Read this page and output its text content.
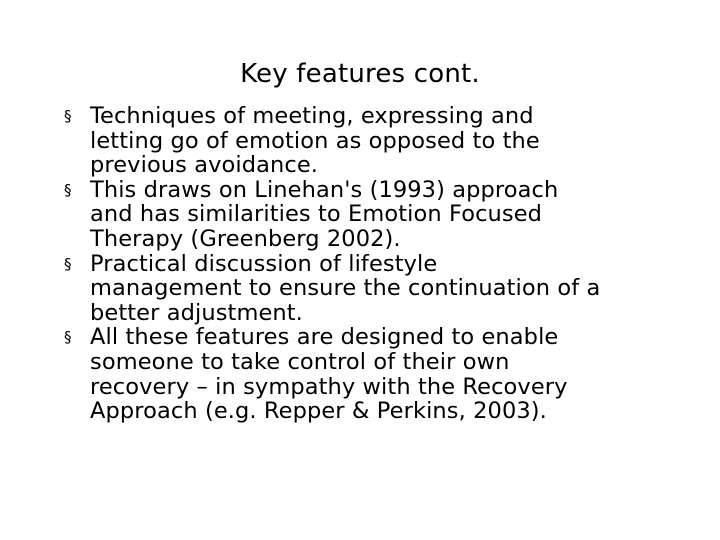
Key features cont.
§ Techniques of meeting, expressing and
letting go of emotion as opposed to the
previous avoidance.
§ This draws on Linehan's (1993) approach
and has similarities to Emotion Focused
Therapy (Greenberg 2002).
§ Practical discussion of lifestyle
management to ensure the continuation of a
better adjustment.
§ All these features are designed to enable
someone to take control of their own
recovery – in sympathy with the Recovery
Approach (e.g. Repper & Perkins, 2003).
